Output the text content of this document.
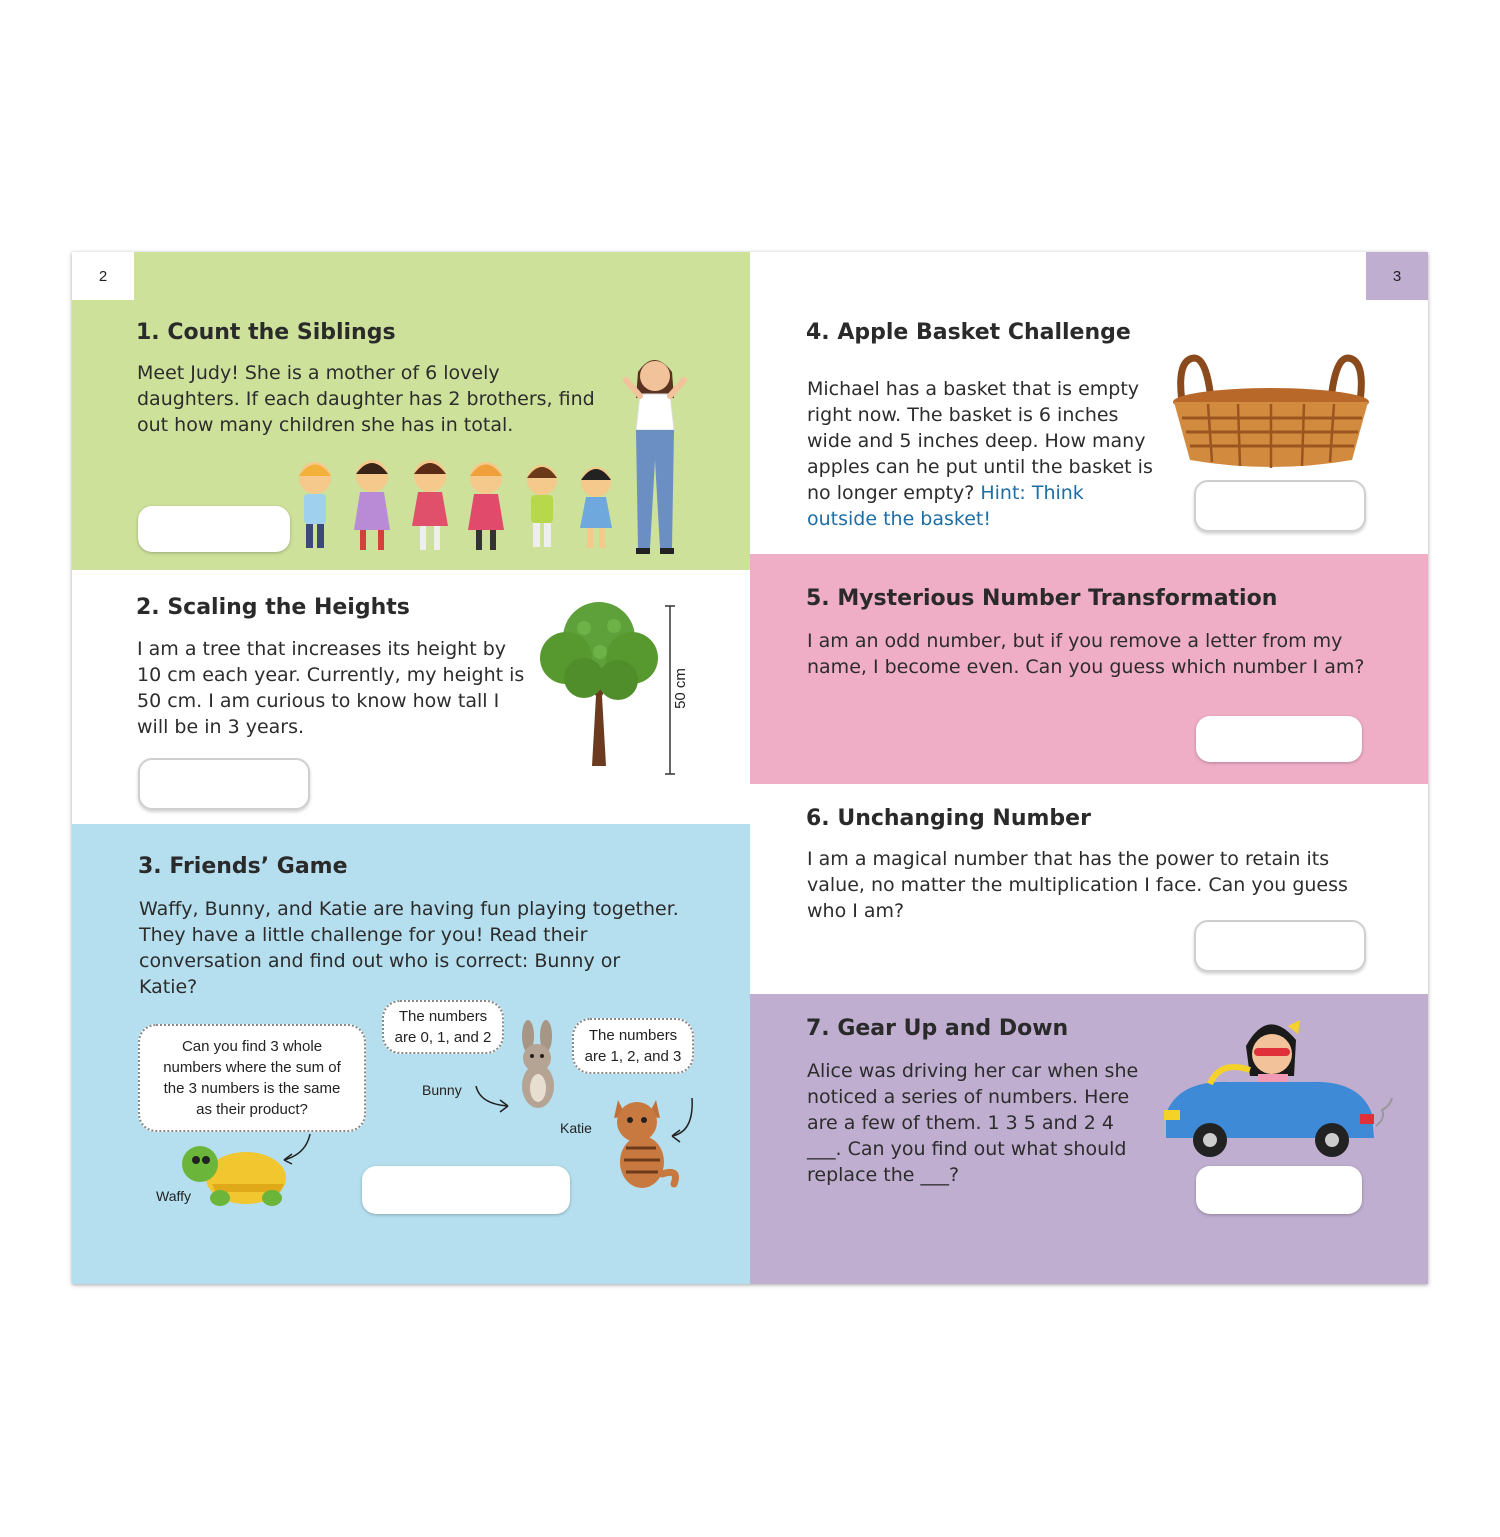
2
1. Count the Siblings

Meet Judy! She is a mother of 6 lovely daughters. If each daughter has 2 brothers, find out how many children she has in total.

2. Scaling the Heights

I am a tree that increases its height by 10 cm each year. Currently, my height is 50 cm. I am curious to know how tall I will be in 3 years.

50 cm
3. Friends’ Game

Waffy, Bunny, and Katie are having fun playing together. They have a little challenge for you! Read their conversation and find out who is correct: Bunny or Katie?

Can you find 3 whole numbers where the sum of the 3 numbers is the same as their product?
The numbers are 0, 1, and 2	The numbers are 1, 2, and 3
Waffy
Bunny
Katie
3
4. Apple Basket Challenge

Michael has a basket that is empty right now. The basket is 6 inches wide and 5 inches deep. How many apples can he put until the basket is no longer empty? Hint: Think outside the basket!

5. Mysterious Number Transformation

I am an odd number, but if you remove a letter from my name, I become even. Can you guess which number I am?

6. Unchanging Number

I am a magical number that has the power to retain its value, no matter the multiplication I face. Can you guess who I am?

7. Gear Up and Down

Alice was driving her car when she noticed a series of numbers. Here are a few of them. 1 3 5 and 2 4 ___. Can you find out what should replace the ___?
